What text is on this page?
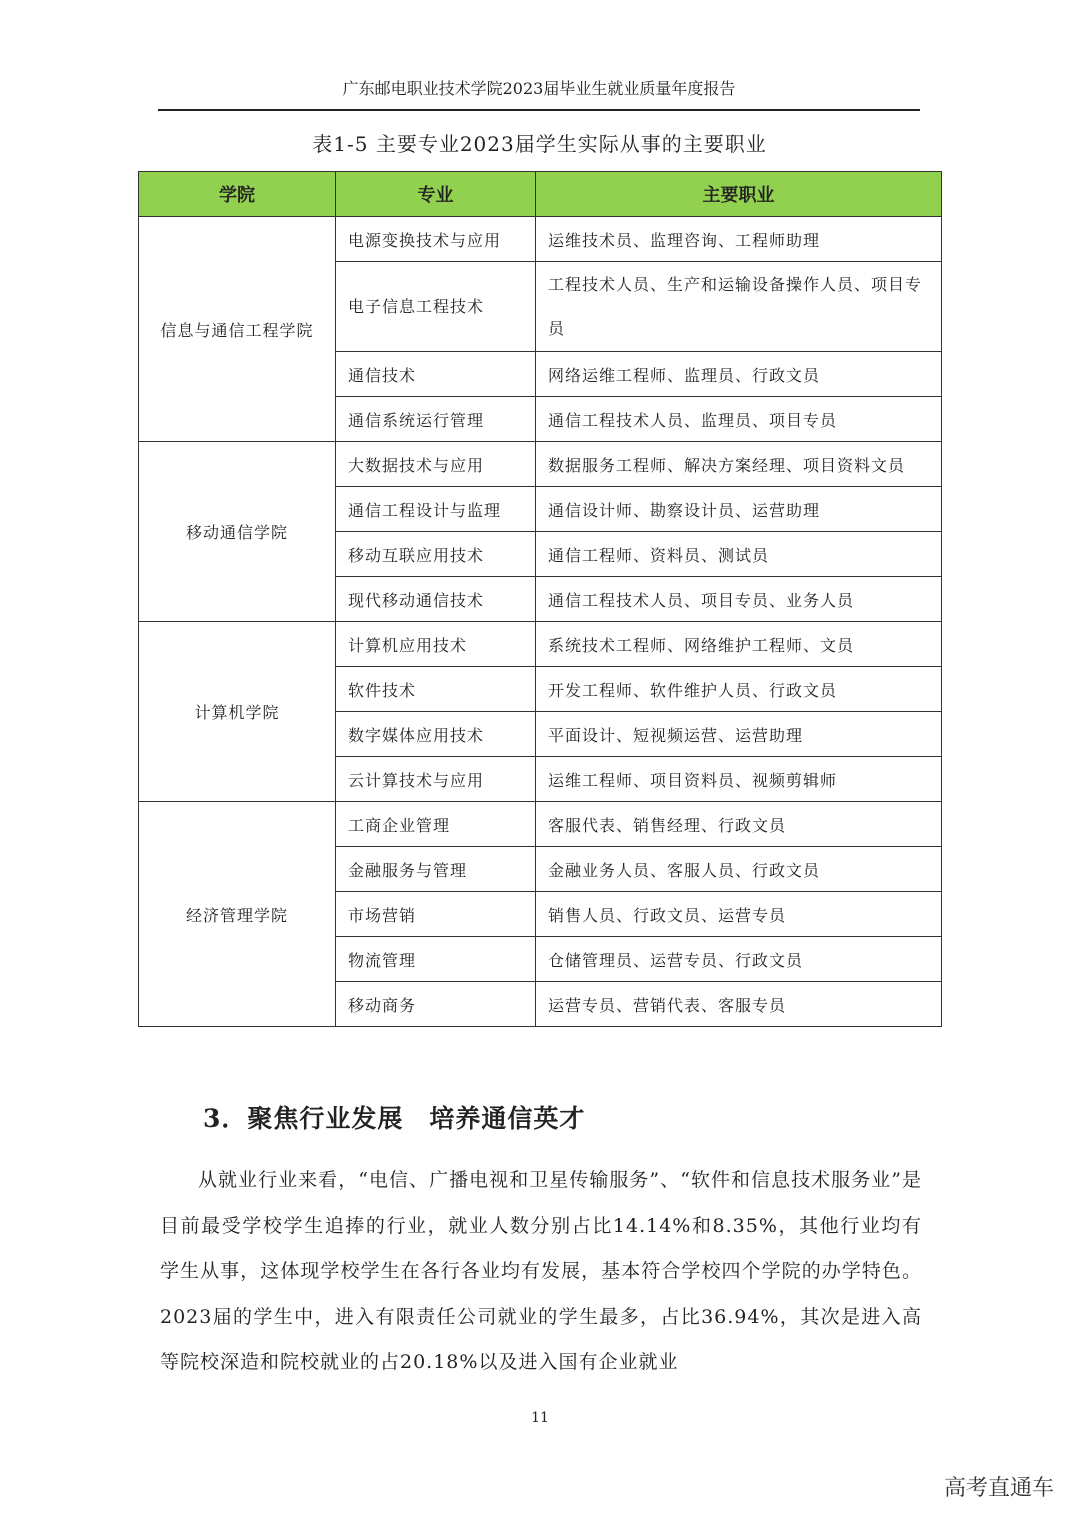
广东邮电职业技术学院2023届毕业生就业质量年度报告
表1-5 主要专业2023届学生实际从事的主要职业
学院	专业	主要职业
信息与通信工程学院	电源变换技术与应用	运维技术员、监理咨询、工程师助理
	电子信息工程技术	工程技术人员、生产和运输设备操作人员、项目专员
	通信技术	网络运维工程师、监理员、行政文员
	通信系统运行管理	通信工程技术人员、监理员、项目专员
移动通信学院	大数据技术与应用	数据服务工程师、解决方案经理、项目资料文员
	通信工程设计与监理	通信设计师、勘察设计员、运营助理
	移动互联应用技术	通信工程师、资料员、测试员
	现代移动通信技术	通信工程技术人员、项目专员、业务人员
计算机学院	计算机应用技术	系统技术工程师、网络维护工程师、文员
	软件技术	开发工程师、软件维护人员、行政文员
	数字媒体应用技术	平面设计、短视频运营、运营助理
	云计算技术与应用	运维工程师、项目资料员、视频剪辑师
经济管理学院	工商企业管理	客服代表、销售经理、行政文员
	金融服务与管理	金融业务人员、客服人员、行政文员
	市场营销	销售人员、行政文员、运营专员
	物流管理	仓储管理员、运营专员、行政文员
	移动商务	运营专员、营销代表、客服专员
3．聚焦行业发展　培养通信英才
从就业行业来看，“电信、广播电视和卫星传输服务”、“软件和信息技术服务业”是目前最受学校学生追捧的行业，就业人数分别占比14.14%和8.35%，其他行业均有学生从事，这体现学校学生在各行各业均有发展，基本符合学校四个学院的办学特色。2023届的学生中，进入有限责任公司就业的学生最多，占比36.94%，其次是进入高等院校深造和院校就业的占20.18%以及进入国有企业就业
11
高考直通车
